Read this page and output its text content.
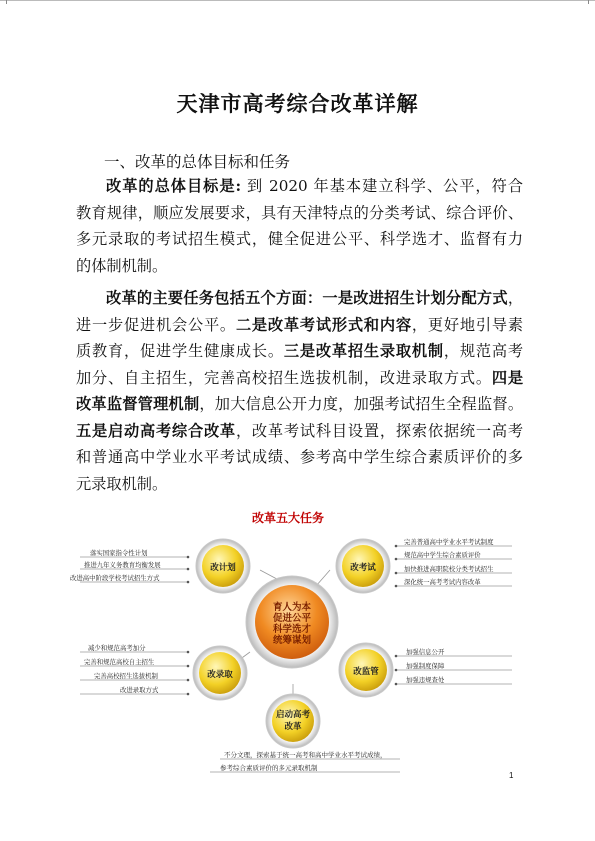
天津市高考综合改革详解
一、改革的总体目标和任务
改革的总体目标是: 到 2020 年基本建立科学、公平，符合
教育规律，顺应发展要求，具有天津特点的分类考试、综合评价、
多元录取的考试招生模式，健全促进公平、科学选才、监督有力
的体制机制。
改革的主要任务包括五个方面：一是改进招生计划分配方式，
进一步促进机会公平。二是改革考试形式和内容，更好地引导素
质教育，促进学生健康成长。三是改革招生录取机制，规范高考
加分、自主招生，完善高校招生选拔机制，改进录取方式。四是
改革监督管理机制，加大信息公开力度，加强考试招生全程监督。
五是启动高考综合改革，改革考试科目设置，探索依据统一高考
和普通高中学业水平考试成绩、参考高中学生综合素质评价的多
元录取机制。
改革五大任务
育人为本
促进公平
科学选才
统筹谋划
改计划	改考试
改录取	改监管
启动高考
改革
落实国家指令性计划
推进九年义务教育均衡发展
改进高中阶段学校考试招生方式
完善普通高中学业水平考试制度
规范高中学生综合素质评价
加快推进高职院校分类考试招生
深化统一高考考试内容改革
减少和规范高考加分
完善和规范高校自主招生
完善高校招生选拔机制
改进录取方式
加强信息公开
加强制度保障
加强违规查处
不分文理，探索基于统一高考和高中学业水平考试成绩，
参考综合素质评价的多元录取机制
1
